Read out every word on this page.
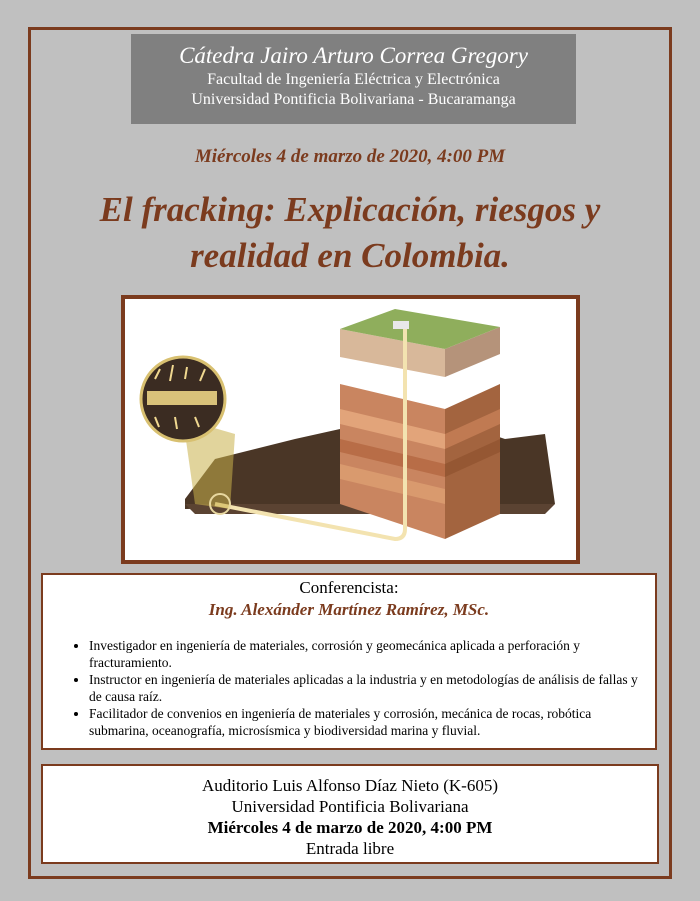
Cátedra Jairo Arturo Correa Gregory
Facultad de Ingeniería Eléctrica y Electrónica
Universidad Pontificia Bolivariana - Bucaramanga
Miércoles 4 de marzo de 2020, 4:00 PM
El fracking: Explicación, riesgos y
realidad en Colombia.
Conferencista:
Ing. Alexánder Martínez Ramírez, MSc.
• Investigador en ingeniería de materiales, corrosión y geomecánica aplicada a perforación y fracturamiento.
• Instructor en ingeniería de materiales aplicadas a la industria y en metodologías de análisis de fallas y de causa raíz.
• Facilitador de convenios en ingeniería de materiales y corrosión, mecánica de rocas, robótica submarina, oceanografía, microsísmica y biodiversidad marina y fluvial.
Auditorio Luis Alfonso Díaz Nieto (K-605)
Universidad Pontificia Bolivariana
Miércoles 4 de marzo de 2020, 4:00 PM
Entrada libre
